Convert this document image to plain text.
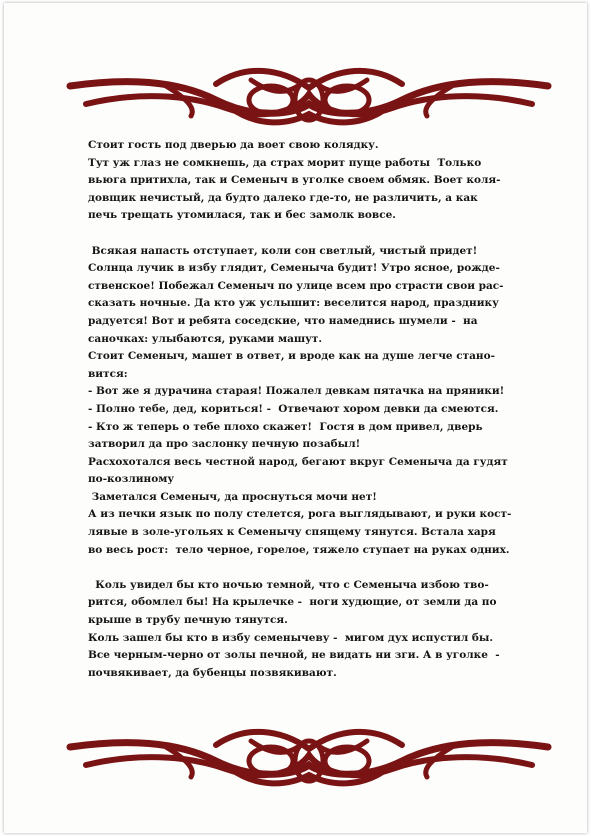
Стоит гость под дверью да воет свою колядку.

Тут уж глаз не сомкнешь, да страх морит пуще работы  Только

вьюга притихла, так и Семеныч в уголке своем обмяк. Воет коля-

довщик нечистый, да будто далеко где-то, не различить, а как

печь трещать утомилася, так и бес замолк вовсе.

Всякая напасть отступает, коли сон светлый, чистый придет!

Солнца лучик в избу глядит, Семеныча будит! Утро ясное, рожде-

ственское! Побежал Семеныч по улице всем про страсти свои рас-

сказать ночные. Да кто уж услышит: веселится народ, празднику

радуется! Вот и ребята соседские, что намеднись шумели -  на

саночках: улыбаются, руками машут.

Стоит Семеныч, машет в ответ, и вроде как на душе легче стано-

вится:

- Вот же я дурачина старая! Пожалел девкам пятачка на пряники!

- Полно тебе, дед, кориться! -  Отвечают хором девки да смеются.

- Кто ж теперь о тебе плохо скажет!  Гостя в дом привел, дверь

затворил да про заслонку печную позабыл!

Расхохотался весь честной народ, бегают вкруг Семеныча да гудят

по-козлиному

Заметался Семеныч, да проснуться мочи нет!

А из печки язык по полу стелется, рога выглядывают, и руки кост-

лявые в золе-угольях к Семенычу спящему тянутся. Встала харя

во весь рост:  тело черное, горелое, тяжело ступает на руках одних.

Коль увидел бы кто ночью темной, что с Семеныча избою тво-

рится, обомлел бы! На крылечке -  ноги худющие, от земли да по

крыше в трубу печную тянутся.

Коль зашел бы кто в избу семенычеву -  мигом дух испустил бы.

Все черным-черно от золы печной, не видать ни зги. А в уголке  -

почвякивает, да бубенцы позвякивают.
